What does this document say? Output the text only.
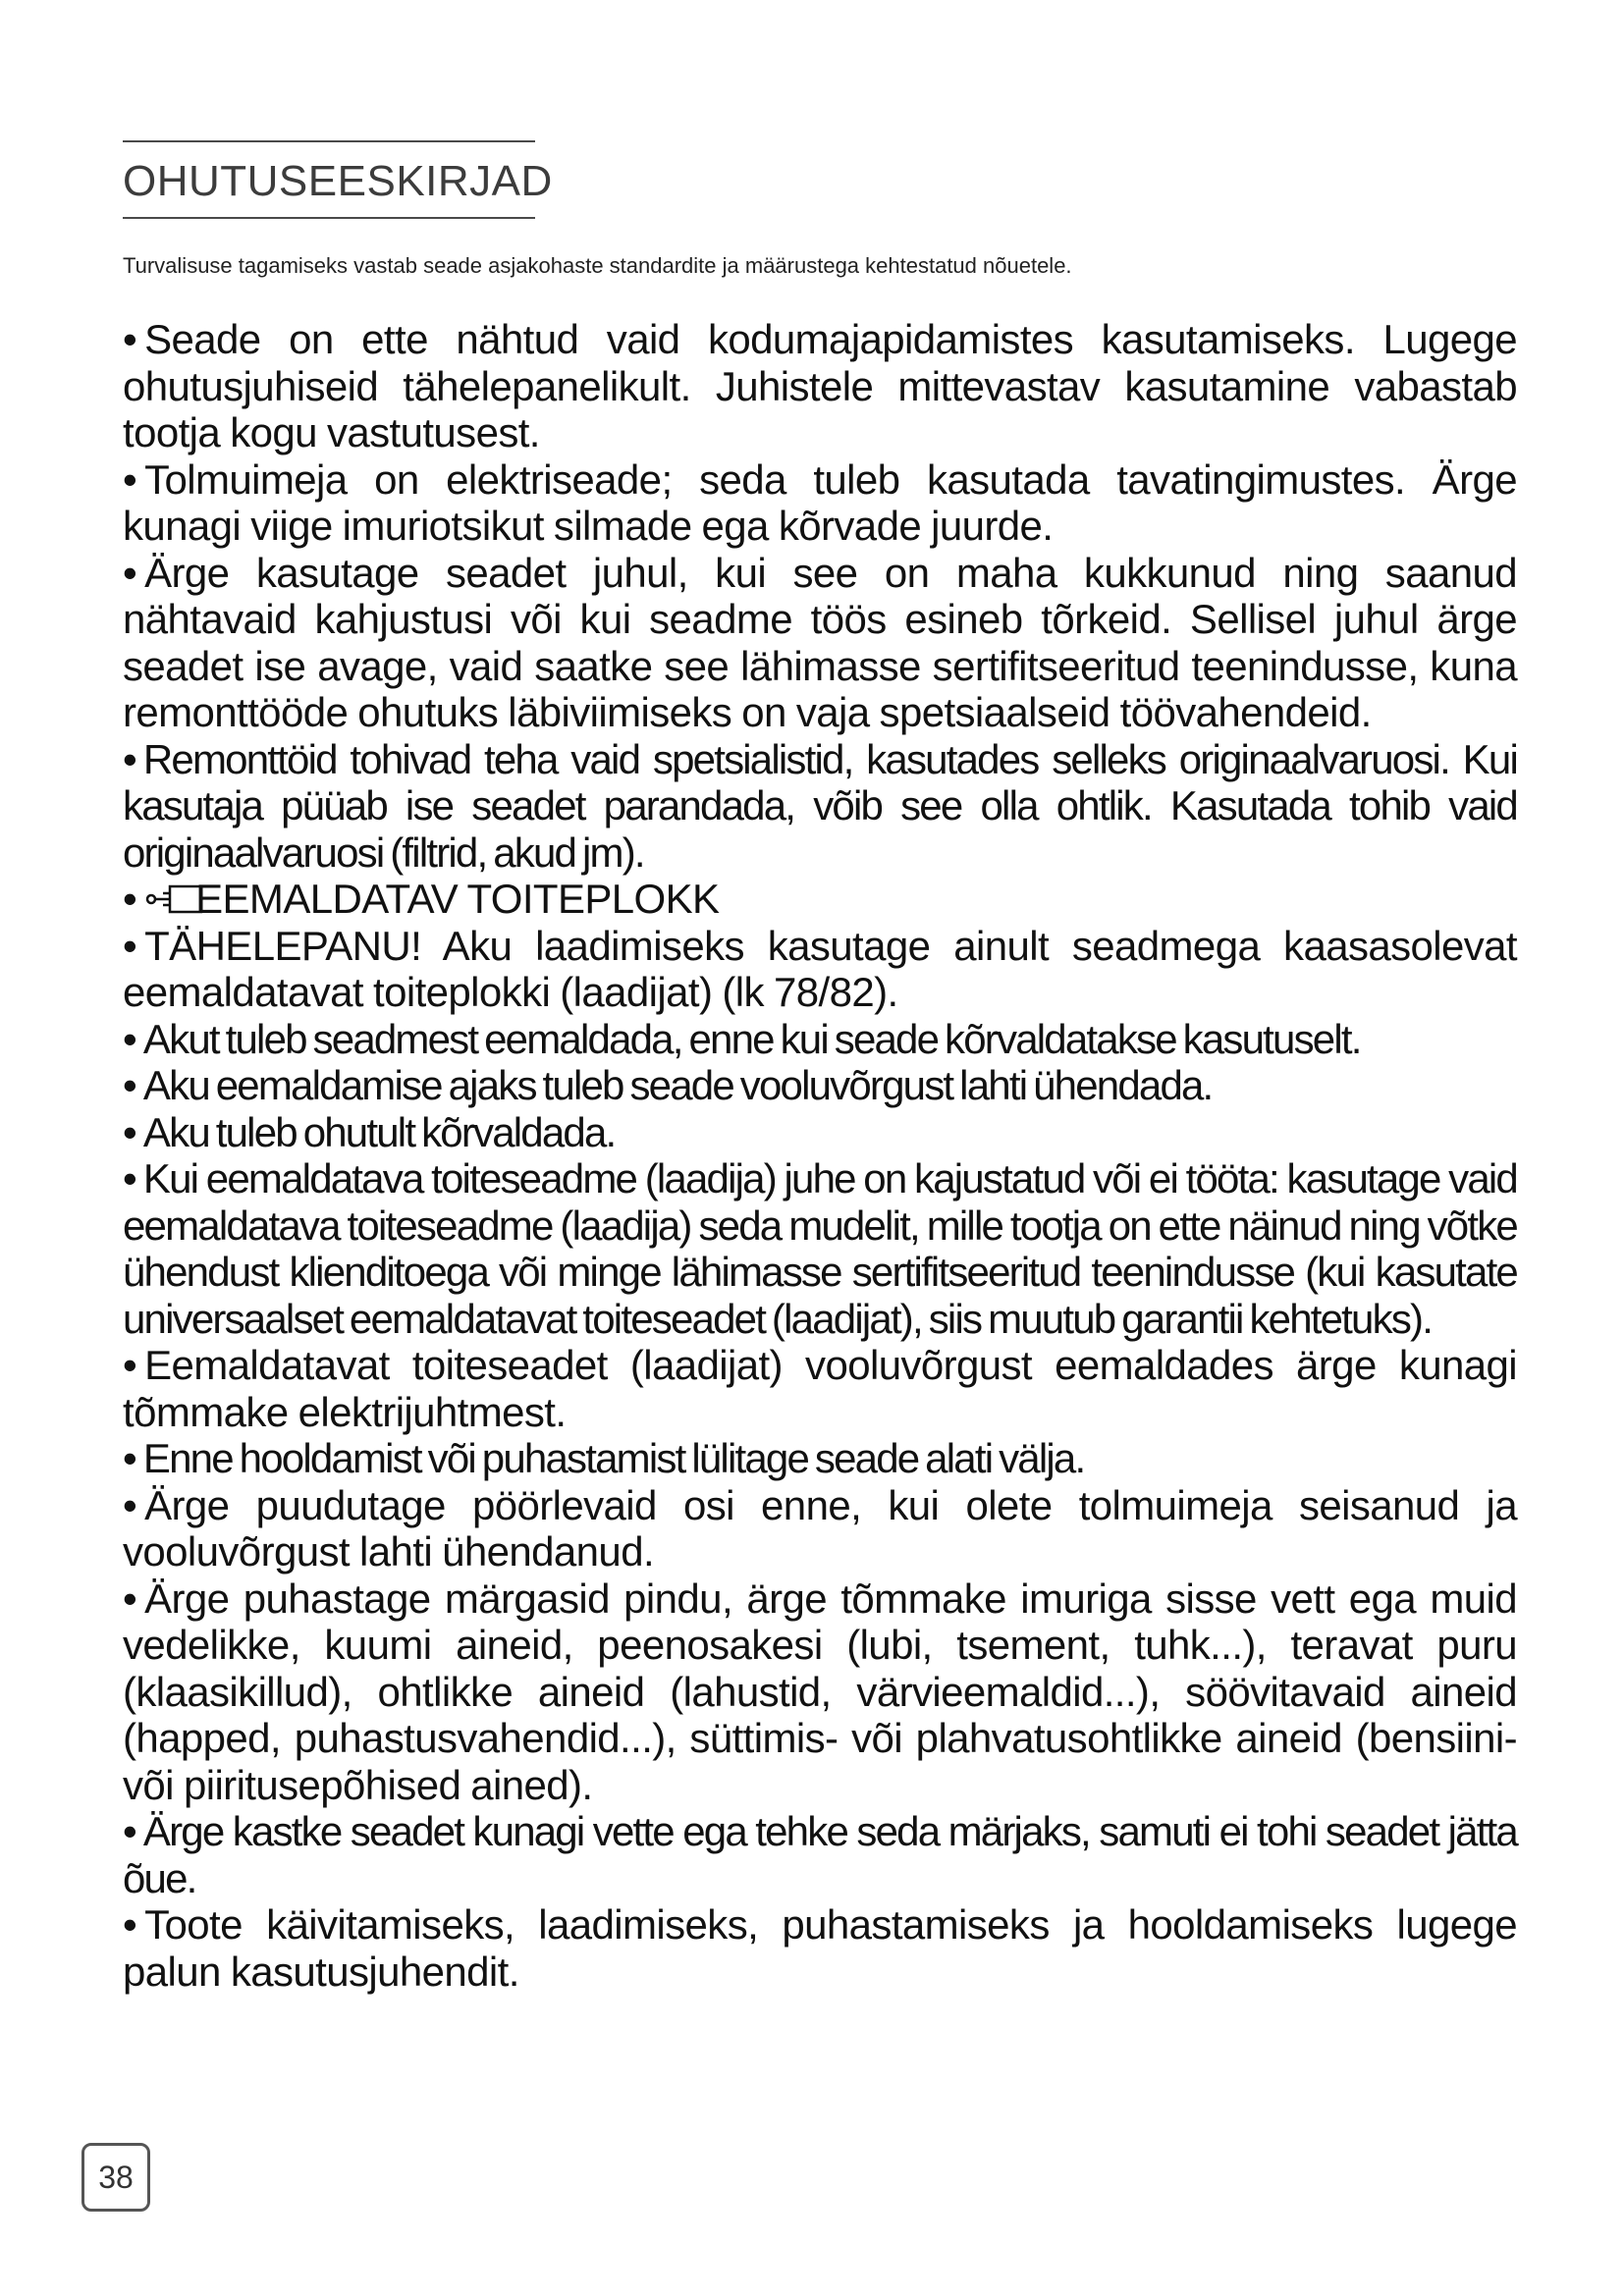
OHUTUSEESKIRJAD
Turvalisuse tagamiseks vastab seade asjakohaste standardite ja määrustega kehtestatud nõuetele.
• Seade on ette nähtud vaid kodumajapidamistes kasutamiseks. Lugege ohutusjuhiseid tähelepanelikult. Juhistele mittevastav kasutamine vabastab tootja kogu vastutusest.
• Tolmuimeja on elektriseade; seda tuleb kasutada tavatingimustes. Ärge kunagi viige imuriotsikut silmade ega kõrvade juurde.
• Ärge kasutage seadet juhul, kui see on maha kukkunud ning saanud nähtavaid kahjustusi või kui seadme töös esineb tõrkeid. Sellisel juhul ärge seadet ise avage, vaid saatke see lähimasse sertifitseeritud teenindusse, kuna remonttööde ohutuks läbiviimiseks on vaja spetsiaalseid töövahendeid.
• Remonttöid tohivad teha vaid spetsialistid, kasutades selleks originaalvaruosi. Kui kasutaja püüab ise seadet parandada, võib see olla ohtlik. Kasutada tohib vaid originaalvaruosi (filtrid, akud jm).
• EEMALDATAV TOITEPLOKK
• TÄHELEPANU! Aku laadimiseks kasutage ainult seadmega kaasasolevat eemaldatavat toiteplokki (laadijat) (lk 78/82).
• Akut tuleb seadmest eemaldada, enne kui seade kõrvaldatakse kasutuselt.
• Aku eemaldamise ajaks tuleb seade vooluvõrgust lahti ühendada.
• Aku tuleb ohutult kõrvaldada.
• Kui eemaldatava toiteseadme (laadija) juhe on kajustatud või ei tööta: kasutage vaid eemaldatava toiteseadme (laadija) seda mudelit, mille tootja on ette näinud ning võtke ühendust klienditoega või minge lähimasse sertifitseeritud teenindusse (kui kasutate universaalset eemaldatavat toiteseadet (laadijat), siis muutub garantii kehtetuks).
• Eemaldatavat toiteseadet (laadijat) vooluvõrgust eemaldades ärge kunagi tõmmake elektrijuhtmest.
• Enne hooldamist või puhastamist lülitage seade alati välja.
• Ärge puudutage pöörlevaid osi enne, kui olete tolmuimeja seisanud ja vooluvõrgust lahti ühendanud.
• Ärge puhastage märgasid pindu, ärge tõmmake imuriga sisse vett ega muid vedelikke, kuumi aineid, peenosakesi (lubi, tsement, tuhk...), teravat puru (klaasikillud), ohtlikke aineid (lahustid, värvieemaldid...), söövitavaid aineid (happed, puhastusvahendid...), süttimis- või plahvatusohtlikke aineid (bensiini- või piiritusepõhised ained).
• Ärge kastke seadet kunagi vette ega tehke seda märjaks, samuti ei tohi seadet jätta õue.
• Toote käivitamiseks, laadimiseks, puhastamiseks ja hooldamiseks lugege palun kasutusjuhendit.
38
